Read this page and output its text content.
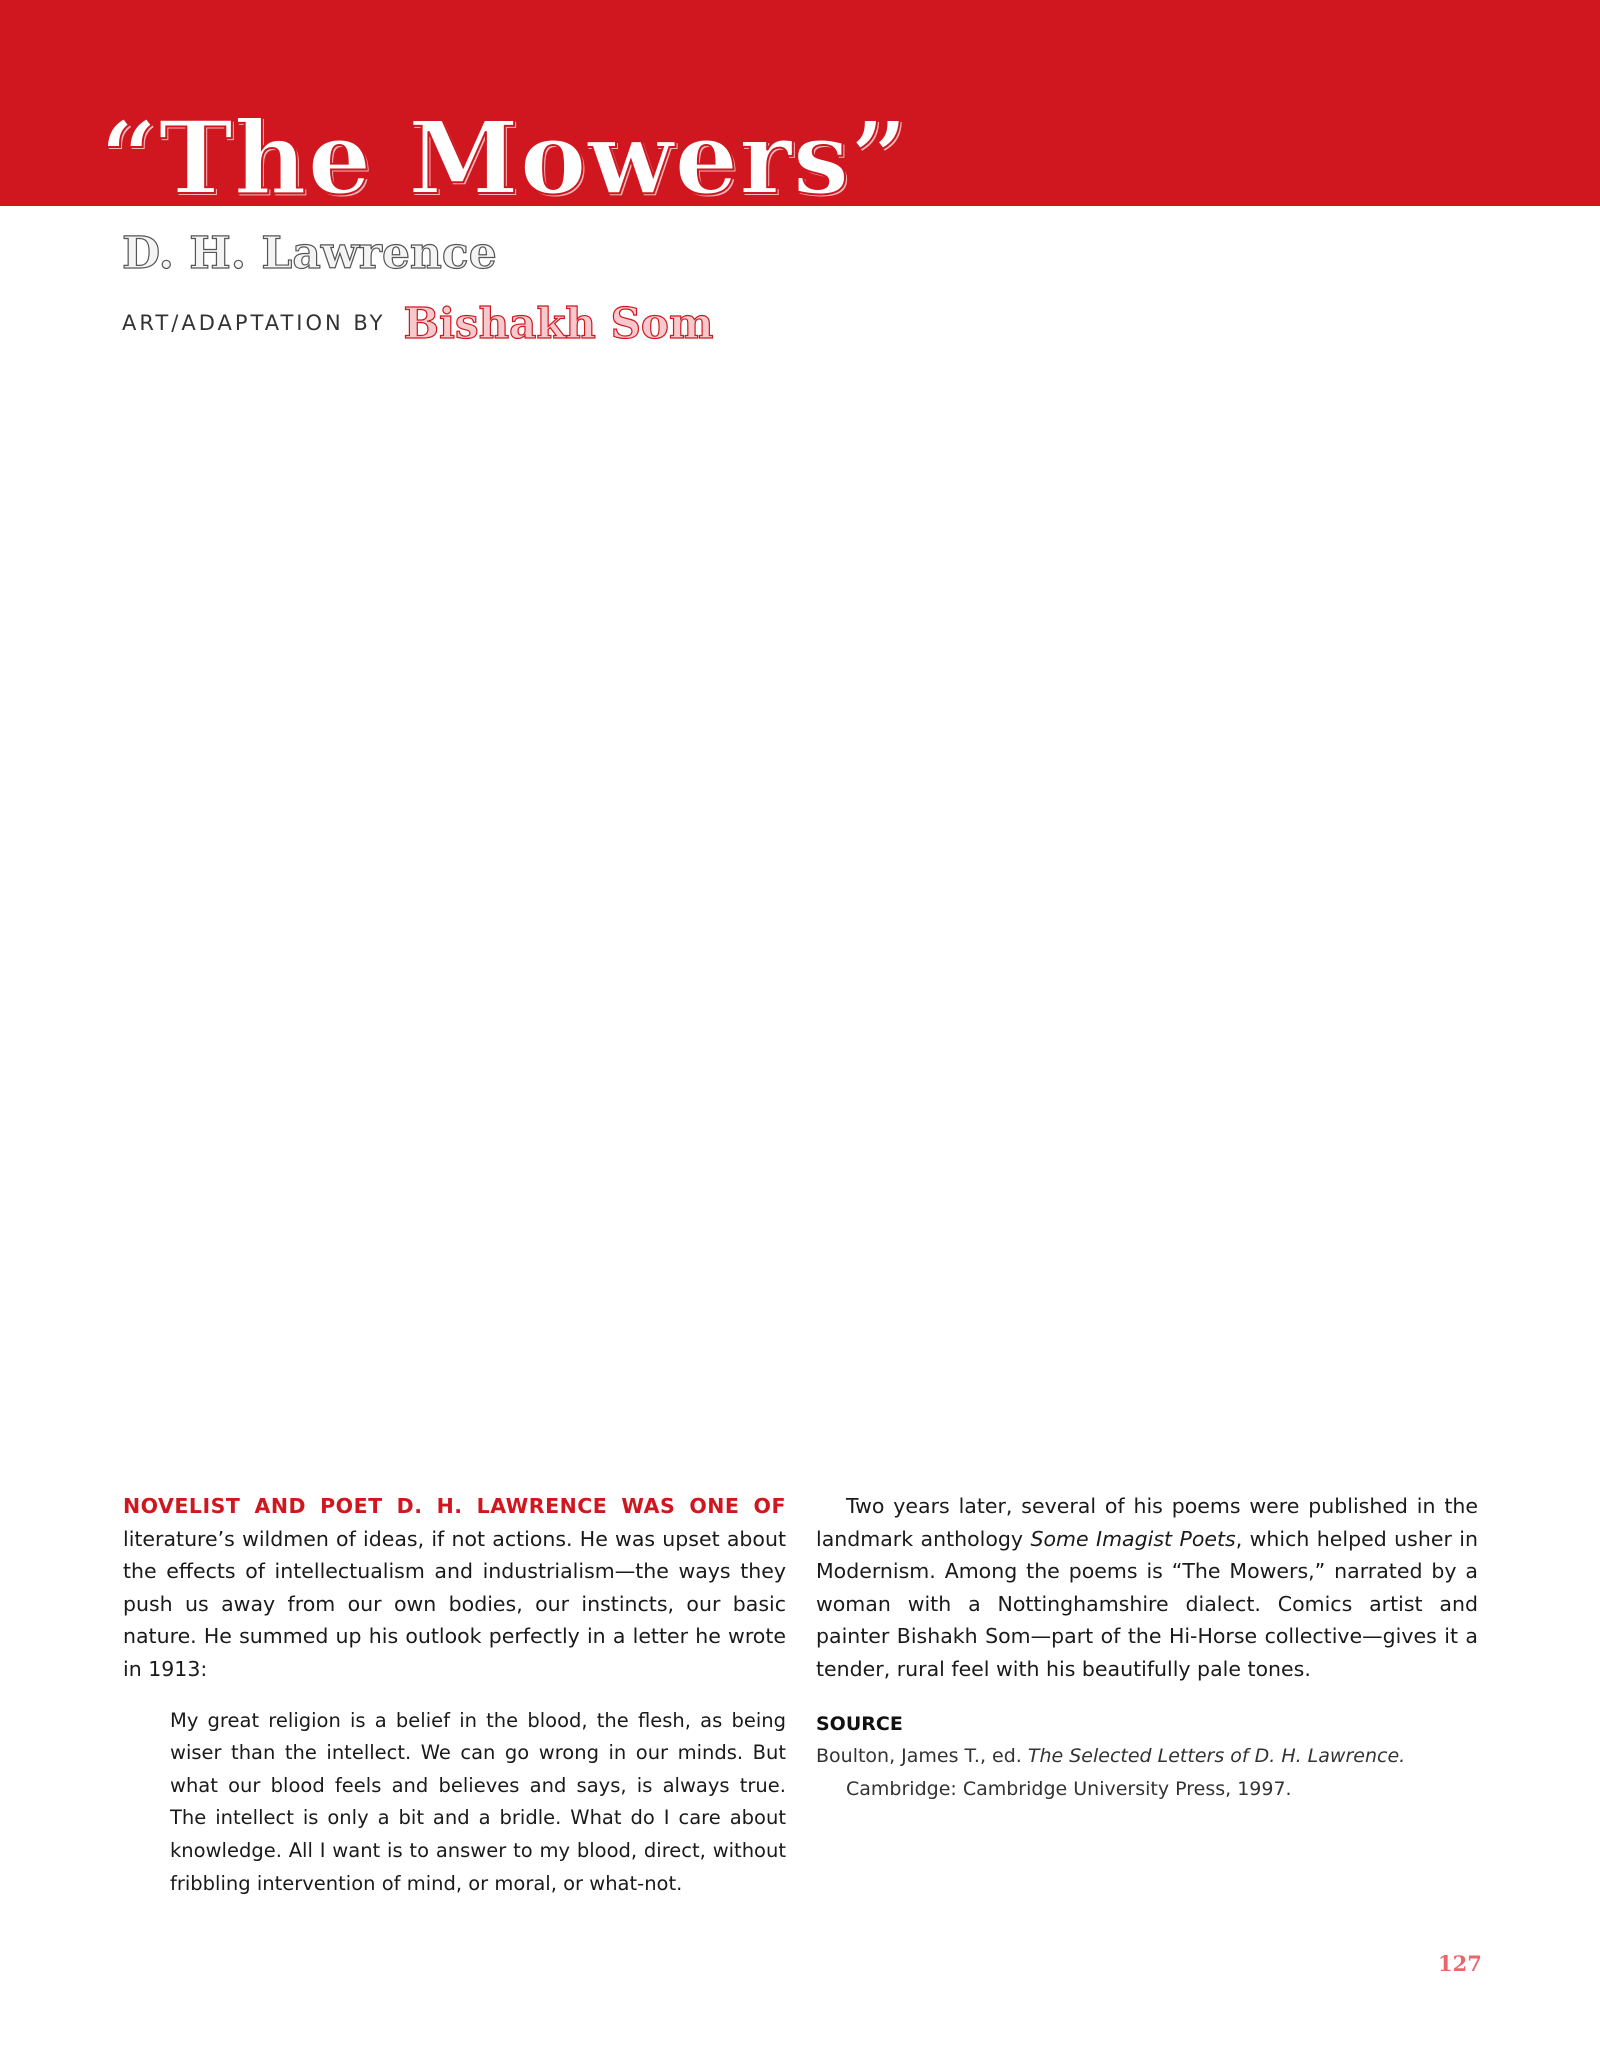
“The Mowers”
D. H. Lawrence
ART/ADAPTATION BY Bishakh Som

NOVELIST AND POET D. H. LAWRENCE WAS ONE OF literature’s wildmen of ideas, if not actions. He was upset about the effects of intellectualism and industrialism—the ways they push us away from our own bodies, our instincts, our basic nature. He summed up his outlook perfectly in a letter he wrote in 1913:

My great religion is a belief in the blood, the flesh, as being wiser than the intellect. We can go wrong in our minds. But what our blood feels and believes and says, is always true. The intellect is only a bit and a bridle. What do I care about knowledge. All I want is to answer to my blood, direct, without fribbling intervention of mind, or moral, or what-not.

Two years later, several of his poems were published in the landmark anthology Some Imagist Poets, which helped usher in Modernism. Among the poems is “The Mowers,” narrated by a woman with a Nottinghamshire dialect. Comics artist and painter Bishakh Som—part of the Hi-Horse collective—gives it a tender, rural feel with his beautifully pale tones.

SOURCE

Boulton, James T., ed. The Selected Letters of D. H. Lawrence. Cambridge: Cambridge University Press, 1997.

127
